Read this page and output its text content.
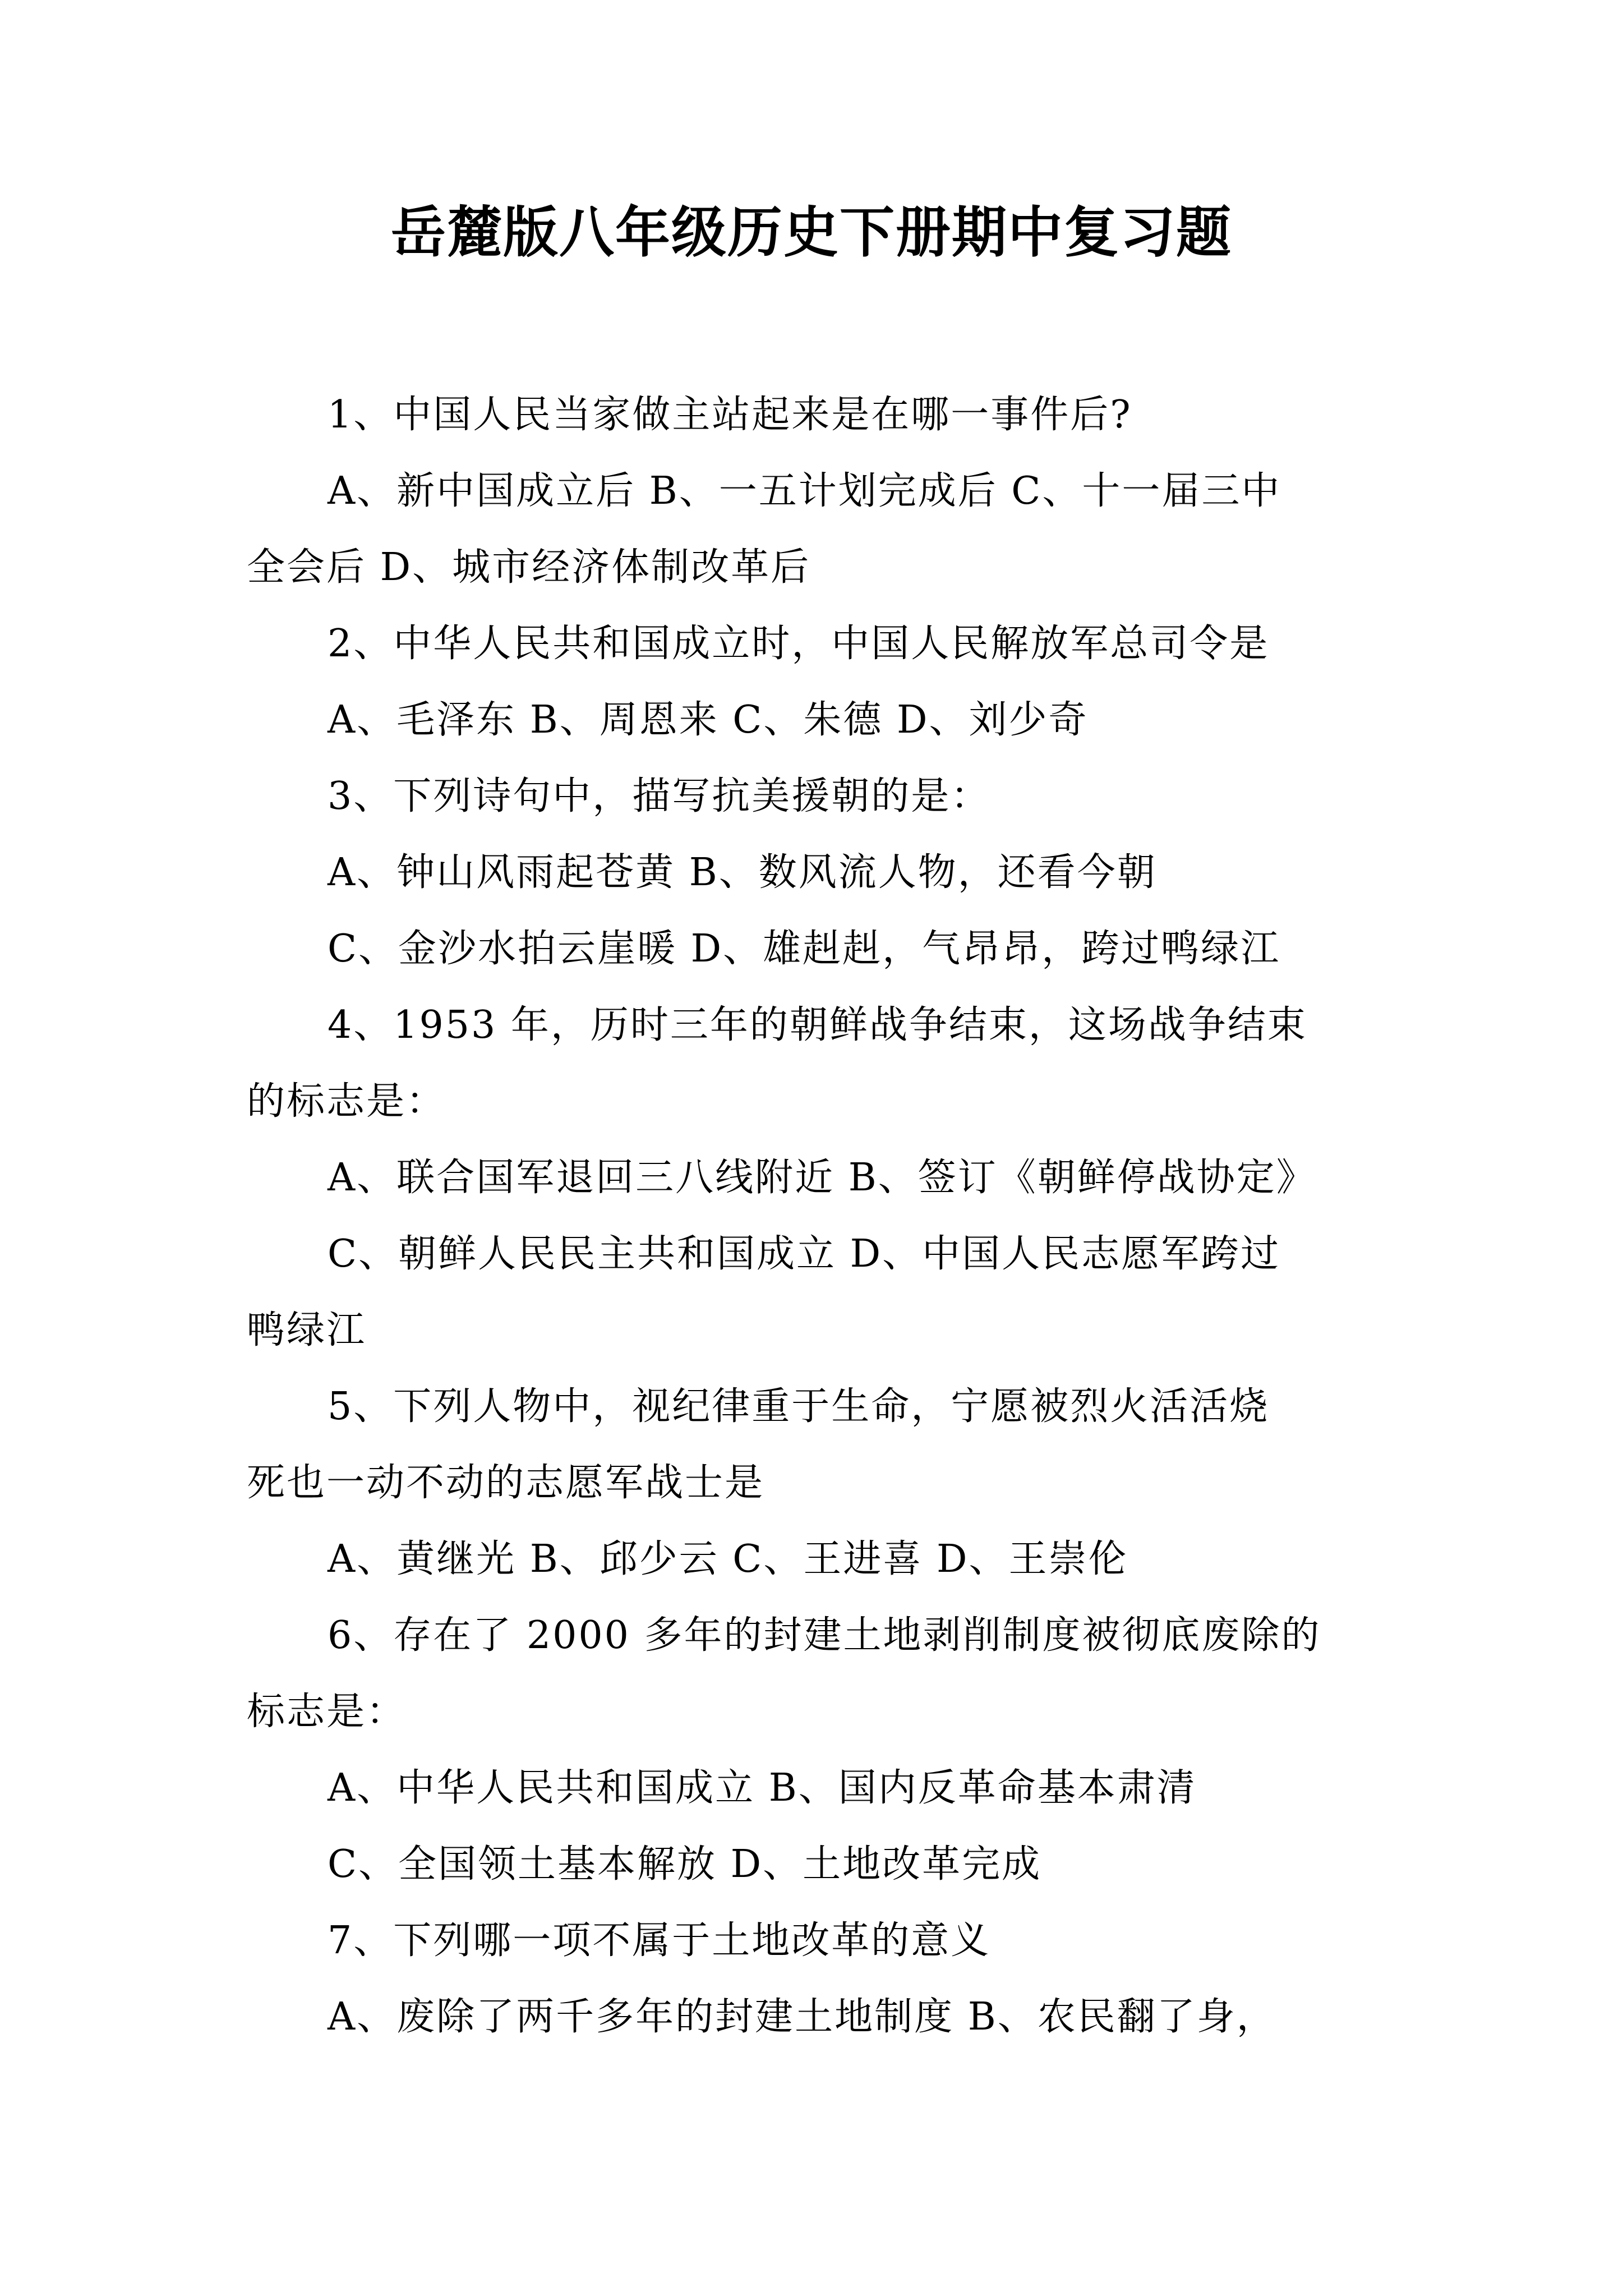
岳麓版八年级历史下册期中复习题
1、中国人民当家做主站起来是在哪一事件后?
A、新中国成立后 B、一五计划完成后 C、十一届三中
全会后 D、城市经济体制改革后
2、中华人民共和国成立时，中国人民解放军总司令是
A、毛泽东 B、周恩来 C、朱德 D、刘少奇
3、下列诗句中，描写抗美援朝的是：
A、钟山风雨起苍黄 B、数风流人物，还看今朝
C、金沙水拍云崖暖 D、雄赳赳，气昂昂，跨过鸭绿江
4、1953 年，历时三年的朝鲜战争结束，这场战争结束
的标志是：
A、联合国军退回三八线附近 B、签订《朝鲜停战协定》
C、朝鲜人民民主共和国成立 D、中国人民志愿军跨过
鸭绿江
5、下列人物中，视纪律重于生命，宁愿被烈火活活烧
死也一动不动的志愿军战士是
A、黄继光 B、邱少云 C、王进喜 D、王崇伦
6、存在了 2000 多年的封建土地剥削制度被彻底废除的
标志是：
A、中华人民共和国成立 B、国内反革命基本肃清
C、全国领土基本解放 D、土地改革完成
7、下列哪一项不属于土地改革的意义
A、废除了两千多年的封建土地制度 B、农民翻了身，
